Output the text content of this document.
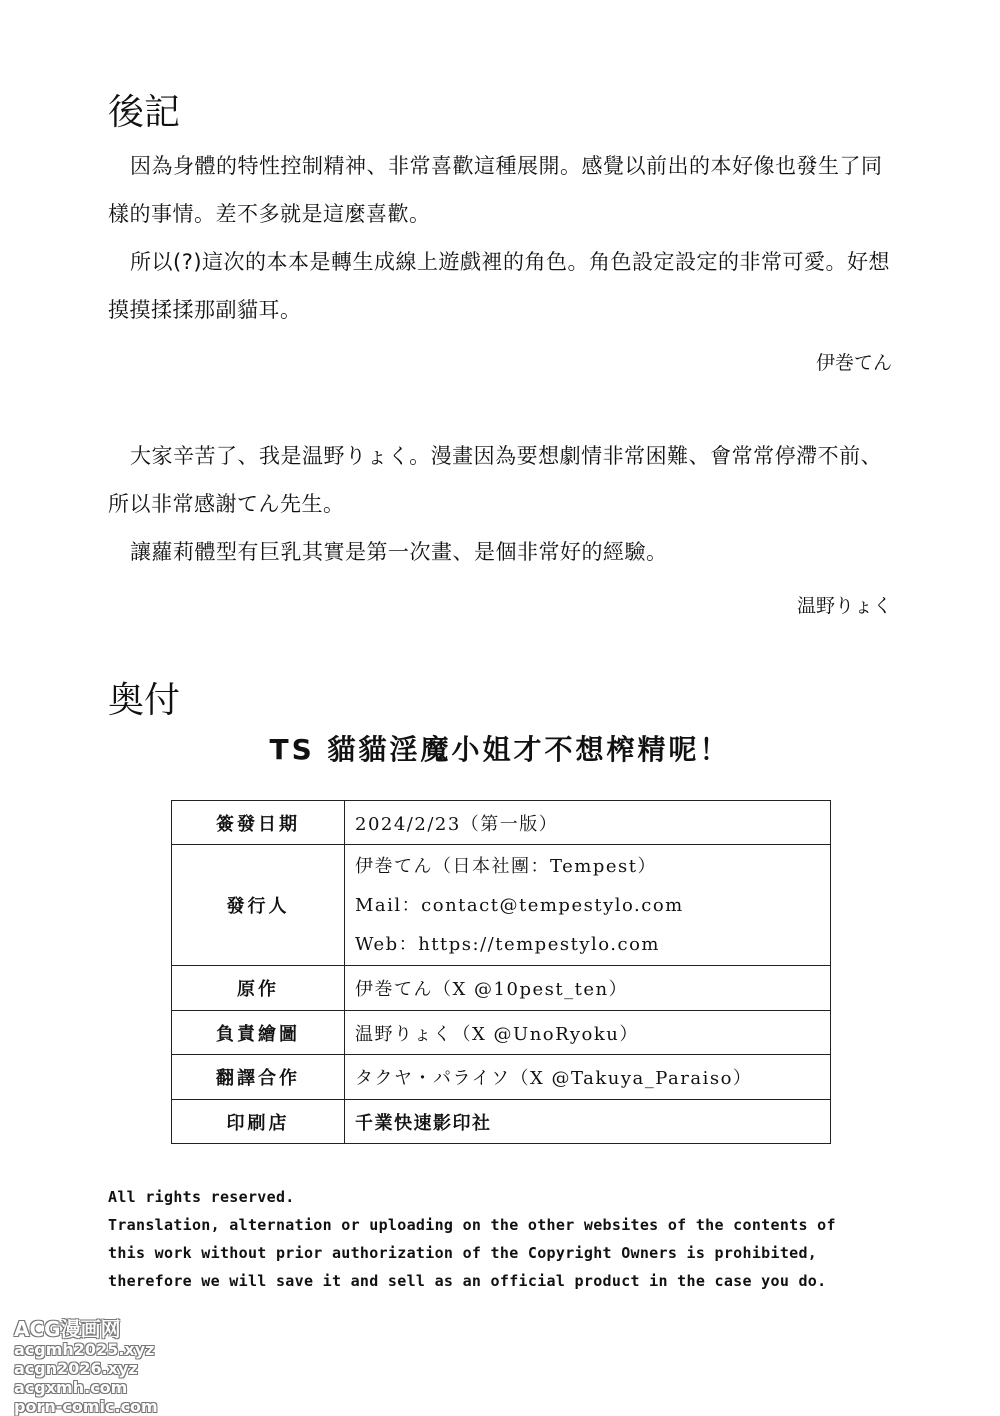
後記

因為身體的特性控制精神、非常喜歡這種展開。感覺以前出的本好像也發生了同樣的事情。差不多就是這麼喜歡。

所以(?)這次的本本是轉生成線上遊戲裡的角色。角色設定設定的非常可愛。好想摸摸揉揉那副貓耳。

伊巻てん

大家辛苦了、我是温野りょく。漫畫因為要想劇情非常困難、會常常停滯不前、所以非常感謝てん先生。

讓蘿莉體型有巨乳其實是第一次畫、是個非常好的經驗。

温野りょく
奥付
TS 貓貓淫魔小姐才不想榨精呢！
簽發日期	2024/2/23（第一版）
發行人	伊巻てん（日本社團：Tempest）
Mail：contact@tempestylo.com
Web：https://tempestylo.com

原作	伊巻てん（X @10pest_ten）
負責繪圖	温野りょく（X @UnoRyoku）
翻譯合作	タクヤ・パライソ（X @Takuya_Paraiso）
印刷店	千業快速影印社
All rights reserved.
Translation, alternation or uploading on the other websites of the contents of
this work without prior authorization of the Copyright Owners is prohibited,
therefore we will save it and sell as an official product in the case you do.
ACG漫画网
acgmh2025.xyz
acgn2026.xyz
acgxmh.com
porn-comic.com
